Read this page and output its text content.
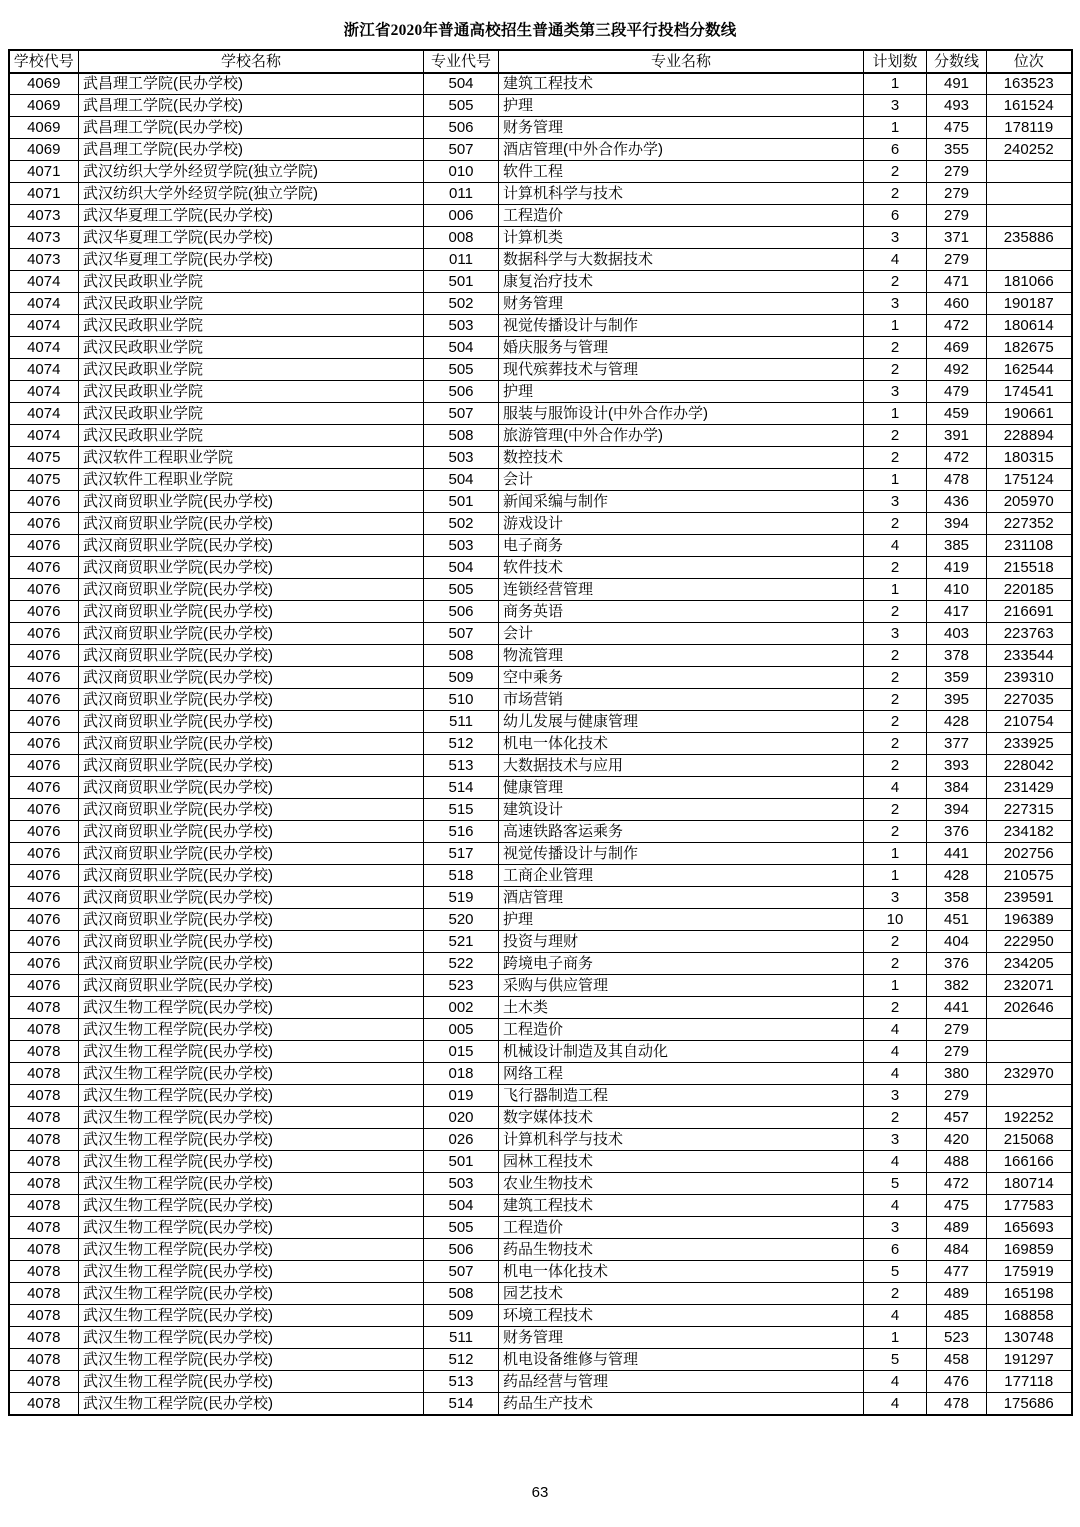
浙江省2020年普通高校招生普通类第三段平行投档分数线
学校代号	学校名称	专业代号	专业名称	计划数	分数线	位次
4069	武昌理工学院(民办学校)	504	建筑工程技术	1	491	163523
4069	武昌理工学院(民办学校)	505	护理	3	493	161524
4069	武昌理工学院(民办学校)	506	财务管理	1	475	178119
4069	武昌理工学院(民办学校)	507	酒店管理(中外合作办学)	6	355	240252
4071	武汉纺织大学外经贸学院(独立学院)	010	软件工程	2	279	
4071	武汉纺织大学外经贸学院(独立学院)	011	计算机科学与技术	2	279	
4073	武汉华夏理工学院(民办学校)	006	工程造价	6	279	
4073	武汉华夏理工学院(民办学校)	008	计算机类	3	371	235886
4073	武汉华夏理工学院(民办学校)	011	数据科学与大数据技术	4	279	
4074	武汉民政职业学院	501	康复治疗技术	2	471	181066
4074	武汉民政职业学院	502	财务管理	3	460	190187
4074	武汉民政职业学院	503	视觉传播设计与制作	1	472	180614
4074	武汉民政职业学院	504	婚庆服务与管理	2	469	182675
4074	武汉民政职业学院	505	现代殡葬技术与管理	2	492	162544
4074	武汉民政职业学院	506	护理	3	479	174541
4074	武汉民政职业学院	507	服装与服饰设计(中外合作办学)	1	459	190661
4074	武汉民政职业学院	508	旅游管理(中外合作办学)	2	391	228894
4075	武汉软件工程职业学院	503	数控技术	2	472	180315
4075	武汉软件工程职业学院	504	会计	1	478	175124
4076	武汉商贸职业学院(民办学校)	501	新闻采编与制作	3	436	205970
4076	武汉商贸职业学院(民办学校)	502	游戏设计	2	394	227352
4076	武汉商贸职业学院(民办学校)	503	电子商务	4	385	231108
4076	武汉商贸职业学院(民办学校)	504	软件技术	2	419	215518
4076	武汉商贸职业学院(民办学校)	505	连锁经营管理	1	410	220185
4076	武汉商贸职业学院(民办学校)	506	商务英语	2	417	216691
4076	武汉商贸职业学院(民办学校)	507	会计	3	403	223763
4076	武汉商贸职业学院(民办学校)	508	物流管理	2	378	233544
4076	武汉商贸职业学院(民办学校)	509	空中乘务	2	359	239310
4076	武汉商贸职业学院(民办学校)	510	市场营销	2	395	227035
4076	武汉商贸职业学院(民办学校)	511	幼儿发展与健康管理	2	428	210754
4076	武汉商贸职业学院(民办学校)	512	机电一体化技术	2	377	233925
4076	武汉商贸职业学院(民办学校)	513	大数据技术与应用	2	393	228042
4076	武汉商贸职业学院(民办学校)	514	健康管理	4	384	231429
4076	武汉商贸职业学院(民办学校)	515	建筑设计	2	394	227315
4076	武汉商贸职业学院(民办学校)	516	高速铁路客运乘务	2	376	234182
4076	武汉商贸职业学院(民办学校)	517	视觉传播设计与制作	1	441	202756
4076	武汉商贸职业学院(民办学校)	518	工商企业管理	1	428	210575
4076	武汉商贸职业学院(民办学校)	519	酒店管理	3	358	239591
4076	武汉商贸职业学院(民办学校)	520	护理	10	451	196389
4076	武汉商贸职业学院(民办学校)	521	投资与理财	2	404	222950
4076	武汉商贸职业学院(民办学校)	522	跨境电子商务	2	376	234205
4076	武汉商贸职业学院(民办学校)	523	采购与供应管理	1	382	232071
4078	武汉生物工程学院(民办学校)	002	土木类	2	441	202646
4078	武汉生物工程学院(民办学校)	005	工程造价	4	279	
4078	武汉生物工程学院(民办学校)	015	机械设计制造及其自动化	4	279	
4078	武汉生物工程学院(民办学校)	018	网络工程	4	380	232970
4078	武汉生物工程学院(民办学校)	019	飞行器制造工程	3	279	
4078	武汉生物工程学院(民办学校)	020	数字媒体技术	2	457	192252
4078	武汉生物工程学院(民办学校)	026	计算机科学与技术	3	420	215068
4078	武汉生物工程学院(民办学校)	501	园林工程技术	4	488	166166
4078	武汉生物工程学院(民办学校)	503	农业生物技术	5	472	180714
4078	武汉生物工程学院(民办学校)	504	建筑工程技术	4	475	177583
4078	武汉生物工程学院(民办学校)	505	工程造价	3	489	165693
4078	武汉生物工程学院(民办学校)	506	药品生物技术	6	484	169859
4078	武汉生物工程学院(民办学校)	507	机电一体化技术	5	477	175919
4078	武汉生物工程学院(民办学校)	508	园艺技术	2	489	165198
4078	武汉生物工程学院(民办学校)	509	环境工程技术	4	485	168858
4078	武汉生物工程学院(民办学校)	511	财务管理	1	523	130748
4078	武汉生物工程学院(民办学校)	512	机电设备维修与管理	5	458	191297
4078	武汉生物工程学院(民办学校)	513	药品经营与管理	4	476	177118
4078	武汉生物工程学院(民办学校)	514	药品生产技术	4	478	175686
63
